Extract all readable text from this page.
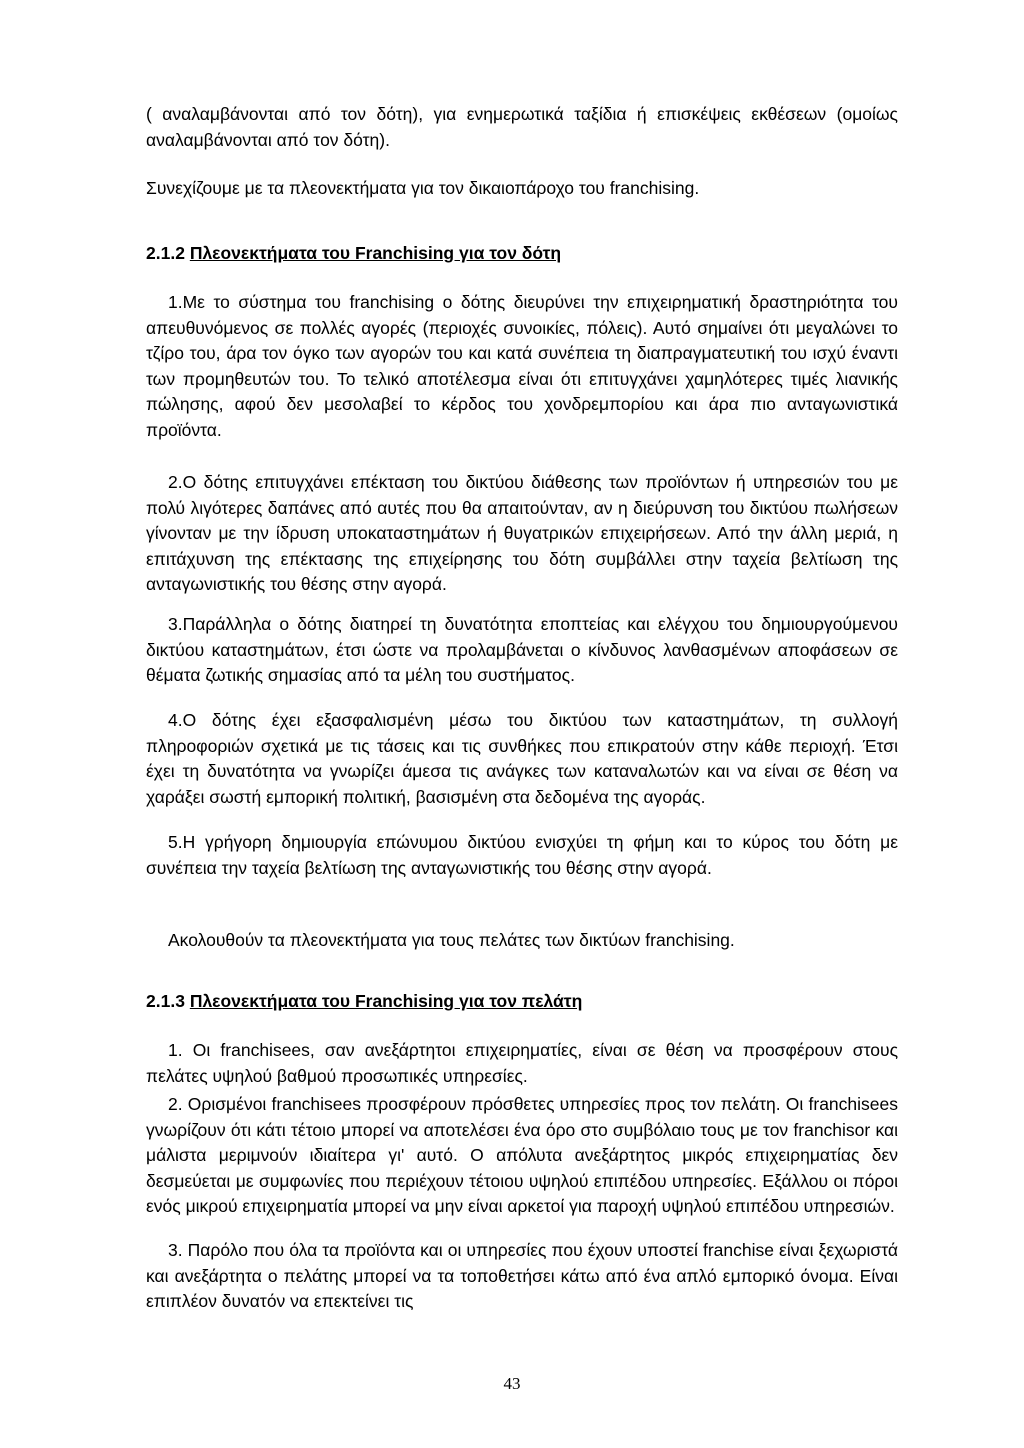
( αναλαμβάνονται από τον δότη), για ενημερωτικά ταξίδια ή επισκέψεις εκθέσεων (ομοίως αναλαμβάνονται από τον δότη).

Συνεχίζουμε με τα πλεονεκτήματα για τον δικαιοπάροχο του franchising.

2.1.2 Πλεονεκτήματα του Franchising για τον δότη

1.Με το σύστημα του franchising ο δότης διευρύνει την επιχειρηματική δραστηριότητα του απευθυνόμενος σε πολλές αγορές (περιοχές συνοικίες, πόλεις). Αυτό σημαίνει ότι μεγαλώνει το τζίρο του, άρα τον όγκο των αγορών του και κατά συνέπεια τη διαπραγματευτική του ισχύ έναντι των προμηθευτών του. Το τελικό αποτέλεσμα είναι ότι επιτυγχάνει χαμηλότερες τιμές λιανικής πώλησης, αφού δεν μεσολαβεί το κέρδος του χονδρεμπορίου και άρα πιο ανταγωνιστικά προϊόντα.

2.Ο δότης επιτυγχάνει επέκταση του δικτύου διάθεσης των προϊόντων ή υπηρεσιών του με πολύ λιγότερες δαπάνες από αυτές που θα απαιτούνταν, αν η διεύρυνση του δικτύου πωλήσεων γίνονταν με την ίδρυση υποκαταστημάτων ή θυγατρικών επιχειρήσεων. Από την άλλη μεριά, η επιτάχυνση της επέκτασης της επιχείρησης του δότη συμβάλλει στην ταχεία βελτίωση της ανταγωνιστικής του θέσης στην αγορά.

3.Παράλληλα ο δότης διατηρεί τη δυνατότητα εποπτείας και ελέγχου του δημιουργούμενου δικτύου καταστημάτων, έτσι ώστε να προλαμβάνεται ο κίνδυνος λανθασμένων αποφάσεων σε θέματα ζωτικής σημασίας από τα μέλη του συστήματος.

4.Ο δότης έχει εξασφαλισμένη μέσω του δικτύου των καταστημάτων, τη συλλογή πληροφοριών σχετικά με τις τάσεις και τις συνθήκες που επικρατούν στην κάθε περιοχή. Έτσι έχει τη δυνατότητα να γνωρίζει άμεσα τις ανάγκες των καταναλωτών και να είναι σε θέση να χαράξει σωστή εμπορική πολιτική, βασισμένη στα δεδομένα της αγοράς.

5.Η γρήγορη δημιουργία επώνυμου δικτύου ενισχύει τη φήμη και το κύρος του δότη με συνέπεια την ταχεία βελτίωση της ανταγωνιστικής του θέσης στην αγορά.

Ακολουθούν τα πλεονεκτήματα για τους πελάτες των δικτύων franchising.

2.1.3 Πλεονεκτήματα του Franchising για τον πελάτη

1. Οι franchisees, σαν ανεξάρτητοι επιχειρηματίες, είναι σε θέση να προσφέρουν στους πελάτες υψηλού βαθμού προσωπικές υπηρεσίες.

2. Ορισμένοι franchisees προσφέρουν πρόσθετες υπηρεσίες προς τον πελάτη. Οι franchisees γνωρίζουν ότι κάτι τέτοιο μπορεί να αποτελέσει ένα όρο στο συμβόλαιο τους με τον franchisor και μάλιστα μεριμνούν ιδιαίτερα γι' αυτό. Ο απόλυτα ανεξάρτητος μικρός επιχειρηματίας δεν δεσμεύεται με συμφωνίες που περιέχουν τέτοιου υψηλού επιπέδου υπηρεσίες. Εξάλλου οι πόροι ενός μικρού επιχειρηματία μπορεί να μην είναι αρκετοί για παροχή υψηλού επιπέδου υπηρεσιών.

3. Παρόλο που όλα τα προϊόντα και οι υπηρεσίες που έχουν υποστεί franchise είναι ξεχωριστά και ανεξάρτητα ο πελάτης μπορεί να τα τοποθετήσει κάτω από ένα απλό εμπορικό όνομα. Είναι επιπλέον δυνατόν να επεκτείνει τις

43
